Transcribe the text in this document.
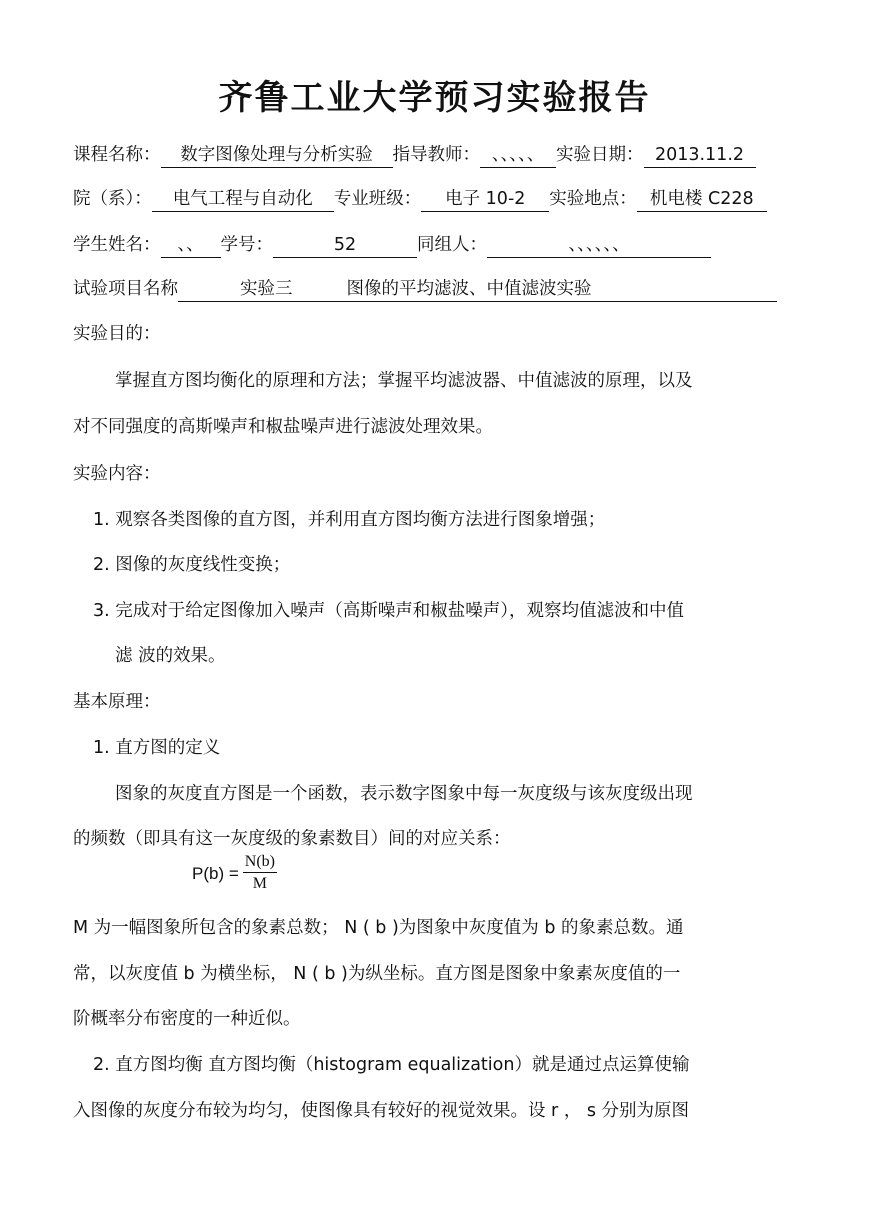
齐鲁工业大学预习实验报告
课程名称： 数字图像处理与分析实验 指导教师： 、、、、、 实验日期： 2013.11.2
院（系）： 电气工程与自动化 专业班级： 电子 10-2 实验地点： 机电楼 C228
学生姓名： 、、 学号：	52	同组人：	、、、、、、
试验项目名称	实验三	图像的平均滤波、中值滤波实验
实验目的：
掌握直方图均衡化的原理和方法；掌握平均滤波器、中值滤波的原理，以及
对不同强度的高斯噪声和椒盐噪声进行滤波处理效果。
实验内容：
1. 观察各类图像的直方图，并利用直方图均衡方法进行图象增强；
2. 图像的灰度线性变换；
3. 完成对于给定图像加入噪声（高斯噪声和椒盐噪声），观察均值滤波和中值
滤 波的效果。
基本原理：
1. 直方图的定义
图象的灰度直方图是一个函数，表示数字图象中每一灰度级与该灰度级出现
的频数（即具有这一灰度级的象素数目）间的对应关系：
$P(b) = \frac{N(b)}{M}$
M 为一幅图象所包含的象素总数； N ( b )为图象中灰度值为 b 的象素总数。通
常，以灰度值 b 为横坐标， N ( b )为纵坐标。直方图是图象中象素灰度值的一
阶概率分布密度的一种近似。
2. 直方图均衡 直方图均衡（histogram equalization）就是通过点运算使输
入图像的灰度分布较为均匀，使图像具有较好的视觉效果。设 r ， s 分别为原图
